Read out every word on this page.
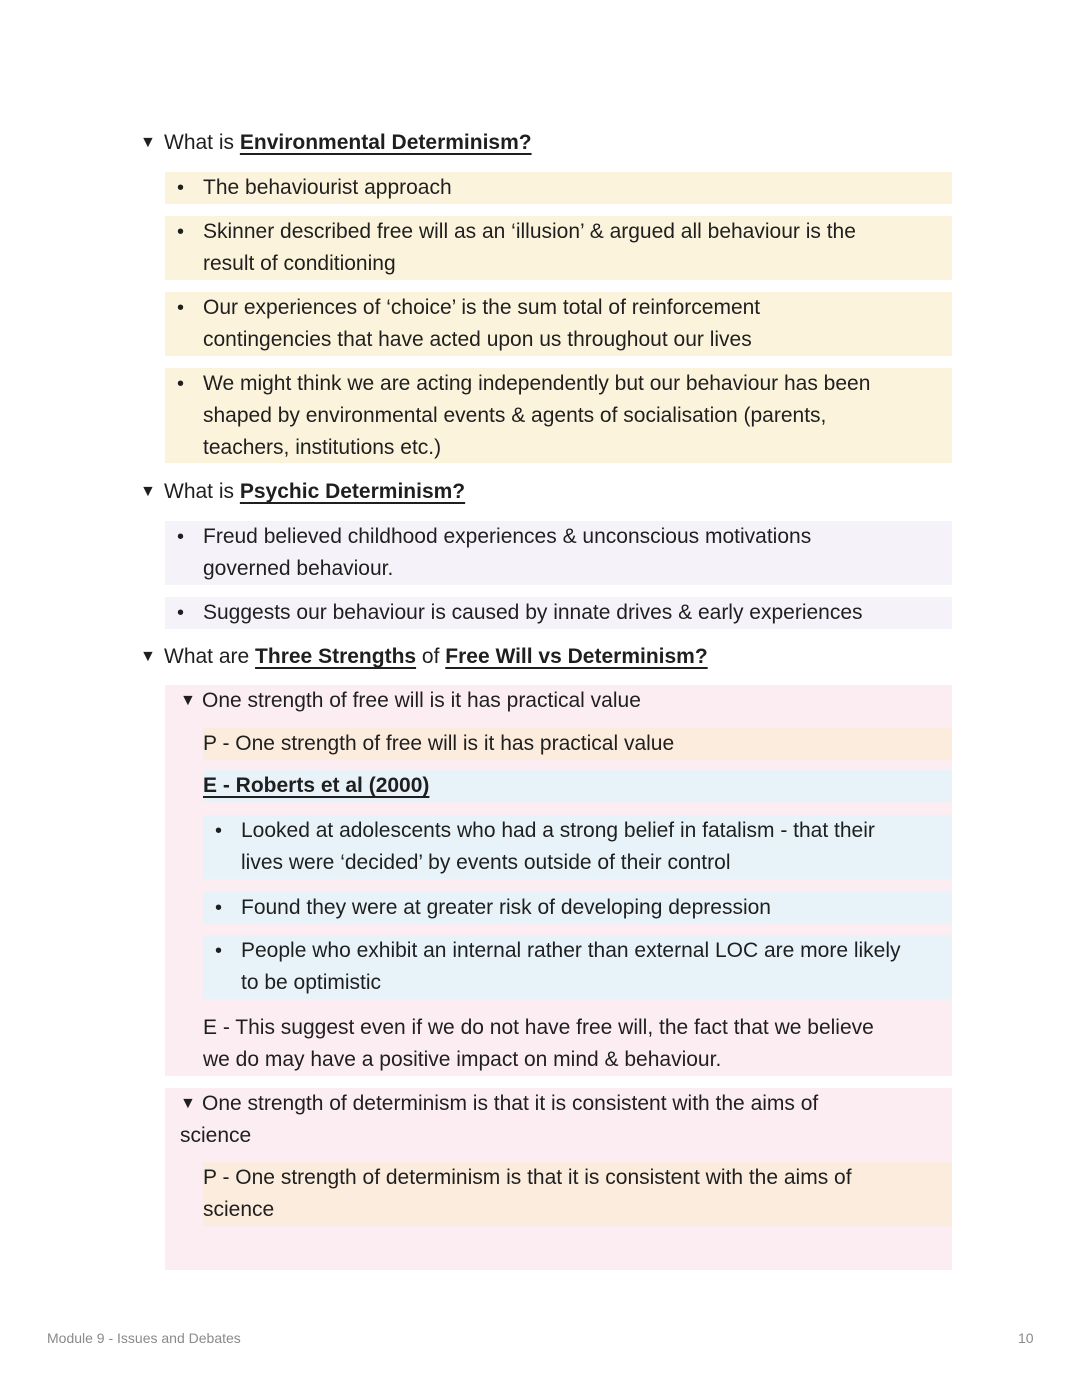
▼ What is Environmental Determinism?
• The behaviourist approach
• Skinner described free will as an ‘illusion’ & argued all behaviour is the
result of conditioning
• Our experiences of ‘choice’ is the sum total of reinforcement
contingencies that have acted upon us throughout our lives
• We might think we are acting independently but our behaviour has been
shaped by environmental events & agents of socialisation (parents,
teachers, institutions etc.)
▼ What is Psychic Determinism?
• Freud believed childhood experiences & unconscious motivations
governed behaviour.
• Suggests our behaviour is caused by innate drives & early experiences
▼ What are Three Strengths of Free Will vs Determinism?
▼ One strength of free will is it has practical value
P - One strength of free will is it has practical value
E - Roberts et al (2000)
• Looked at adolescents who had a strong belief in fatalism - that their
lives were ‘decided’ by events outside of their control
• Found they were at greater risk of developing depression
• People who exhibit an internal rather than external LOC are more likely
to be optimistic
E - This suggest even if we do not have free will, the fact that we believe
we do may have a positive impact on mind & behaviour.
▼ One strength of determinism is that it is consistent with the aims of
science
P - One strength of determinism is that it is consistent with the aims of
science
Module 9 - Issues and Debates	10
